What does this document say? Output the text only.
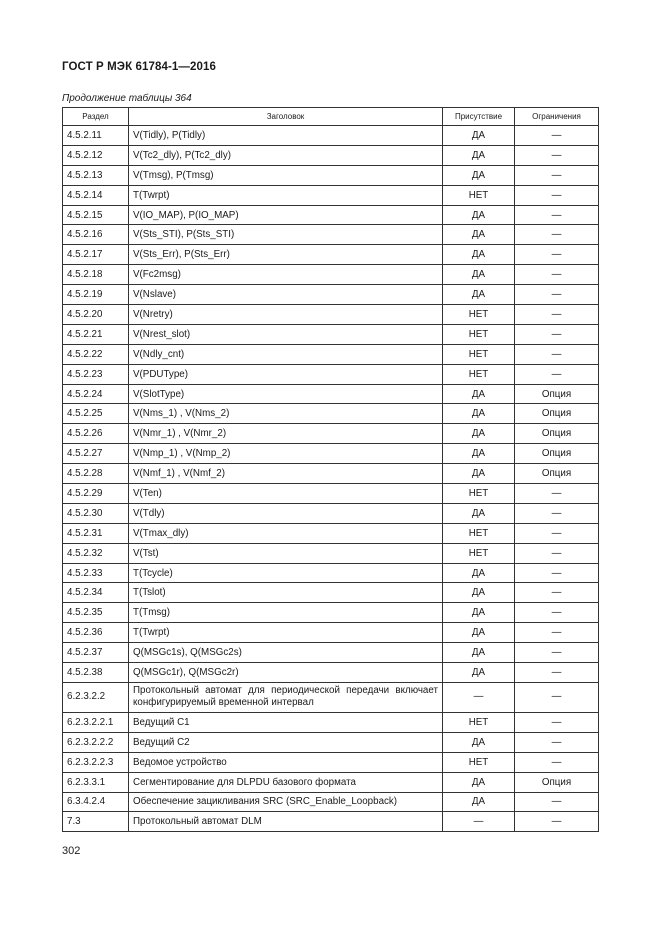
ГОСТ Р МЭК 61784-1—2016
Продолжение таблицы 364
Раздел	Заголовок	Присутствие	Ограничения
4.5.2.11	V(Tidly), P(Tidly)	ДА	—
4.5.2.12	V(Tc2_dly), P(Tc2_dly)	ДА	—
4.5.2.13	V(Tmsg), P(Tmsg)	ДА	—
4.5.2.14	T(Twrpt)	НЕТ	—
4.5.2.15	V(IO_MAP), P(IO_MAP)	ДА	—
4.5.2.16	V(Sts_STI), P(Sts_STI)	ДА	—
4.5.2.17	V(Sts_Err), P(Sts_Err)	ДА	—
4.5.2.18	V(Fc2msg)	ДА	—
4.5.2.19	V(Nslave)	ДА	—
4.5.2.20	V(Nretry)	НЕТ	—
4.5.2.21	V(Nrest_slot)	НЕТ	—
4.5.2.22	V(Ndly_cnt)	НЕТ	—
4.5.2.23	V(PDUType)	НЕТ	—
4.5.2.24	V(SlotType)	ДА	Опция
4.5.2.25	V(Nms_1) , V(Nms_2)	ДА	Опция
4.5.2.26	V(Nmr_1) , V(Nmr_2)	ДА	Опция
4.5.2.27	V(Nmp_1) , V(Nmp_2)	ДА	Опция
4.5.2.28	V(Nmf_1) , V(Nmf_2)	ДА	Опция
4.5.2.29	V(Ten)	НЕТ	—
4.5.2.30	V(Tdly)	ДА	—
4.5.2.31	V(Tmax_dly)	НЕТ	—
4.5.2.32	V(Tst)	НЕТ	—
4.5.2.33	T(Tcycle)	ДА	—
4.5.2.34	T(Tslot)	ДА	—
4.5.2.35	T(Tmsg)	ДА	—
4.5.2.36	T(Twrpt)	ДА	—
4.5.2.37	Q(MSGc1s), Q(MSGc2s)	ДА	—
4.5.2.38	Q(MSGc1r), Q(MSGc2r)	ДА	—
6.2.3.2.2	Протокольный автомат для периодической передачи включает конфигурируемый временной интервал	—	—
6.2.3.2.2.1	Ведущий C1	НЕТ	—
6.2.3.2.2.2	Ведущий C2	ДА	—
6.2.3.2.2.3	Ведомое устройство	НЕТ	—
6.2.3.3.1	Сегментирование для DLPDU базового формата	ДА	Опция
6.3.4.2.4	Обеспечение зацикливания SRC (SRC_Enable_Loopback)	ДА	—
7.3	Протокольный автомат DLM	—	—
302
